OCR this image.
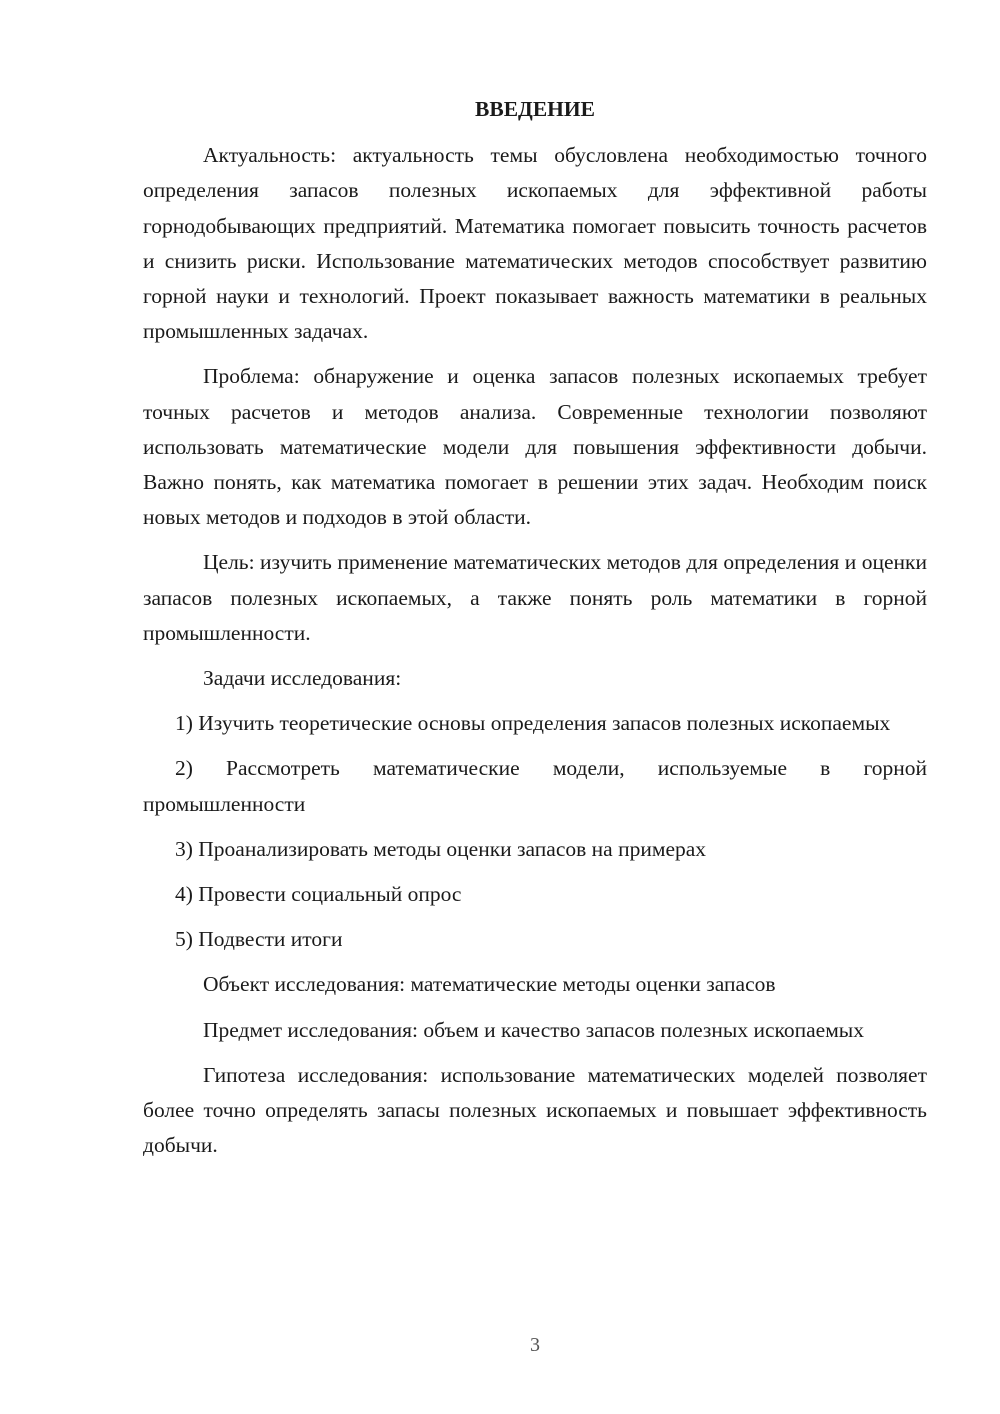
ВВЕДЕНИЕ

Актуальность: актуальность темы обусловлена необходимостью точного определения запасов полезных ископаемых для эффективной работы горнодобывающих предприятий. Математика помогает повысить точность расчетов и снизить риски. Использование математических методов способствует развитию горной науки и технологий. Проект показывает важность математики в реальных промышленных задачах.

Проблема: обнаружение и оценка запасов полезных ископаемых требует точных расчетов и методов анализа. Современные технологии позволяют использовать математические модели для повышения эффективности добычи. Важно понять, как математика помогает в решении этих задач. Необходим поиск новых методов и подходов в этой области.

Цель: изучить применение математических методов для определения и оценки запасов полезных ископаемых, а также понять роль математики в горной промышленности.

Задачи исследования:

1) Изучить теоретические основы определения запасов полезных ископаемых

2) Рассмотреть математические модели, используемые в горной промышленности

3) Проанализировать методы оценки запасов на примерах

4) Провести социальный опрос

5) Подвести итоги

Объект исследования: математические методы оценки запасов

Предмет исследования: объем и качество запасов полезных ископаемых

Гипотеза исследования: использование математических моделей позволяет более точно определять запасы полезных ископаемых и повышает эффективность добычи.

3
